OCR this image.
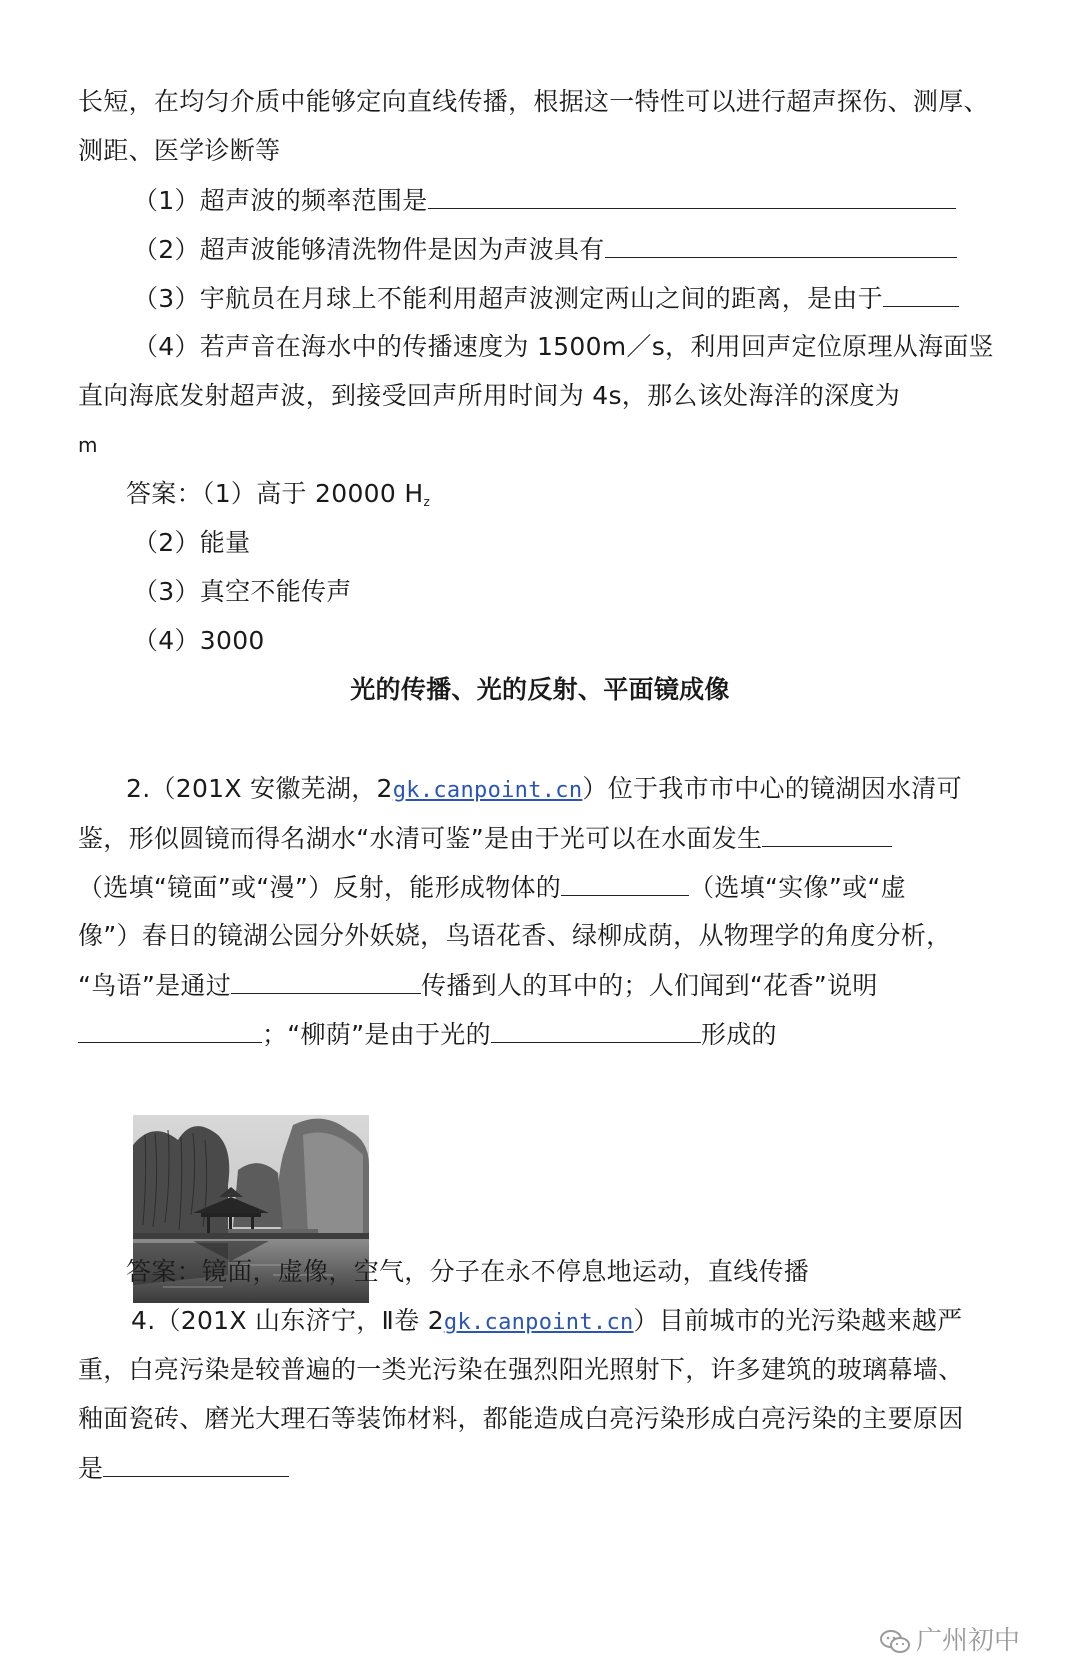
长短，在均匀介质中能够定向直线传播，根据这一特性可以进行超声探伤、测厚、
测距、医学诊断等
（1）超声波的频率范围是
（2）超声波能够清洗物件是因为声波具有
（3）宇航员在月球上不能利用超声波测定两山之间的距离，是由于
（4）若声音在海水中的传播速度为 1500m／s，利用回声定位原理从海面竖
直向海底发射超声波，到接受回声所用时间为 4s，那么该处海洋的深度为
m
答案：（1）高于 20000 $H_z$
（2）能量
（3）真空不能传声
（4）3000
光的传播、光的反射、平面镜成像
2.（201X 安徽芜湖，2gk.canpoint.cn）位于我市市中心的镜湖因水清可
鉴，形似圆镜而得名湖水“水清可鉴”是由于光可以在水面发生
（选填“镜面”或“漫”）反射，能形成物体的	（选填“实像”或“虚
像”）春日的镜湖公园分外妖娆，鸟语花香、绿柳成荫，从物理学的角度分析，
“鸟语”是通过	传播到人的耳中的；人们闻到“花香”说明
；“柳荫”是由于光的	形成的
答案：镜面，虚像，空气，分子在永不停息地运动，直线传播
4.（201X 山东济宁，Ⅱ卷 2gk.canpoint.cn）目前城市的光污染越来越严
重，白亮污染是较普遍的一类光污染在强烈阳光照射下，许多建筑的玻璃幕墙、
釉面瓷砖、磨光大理石等装饰材料，都能造成白亮污染形成白亮污染的主要原因
是
广州初中
